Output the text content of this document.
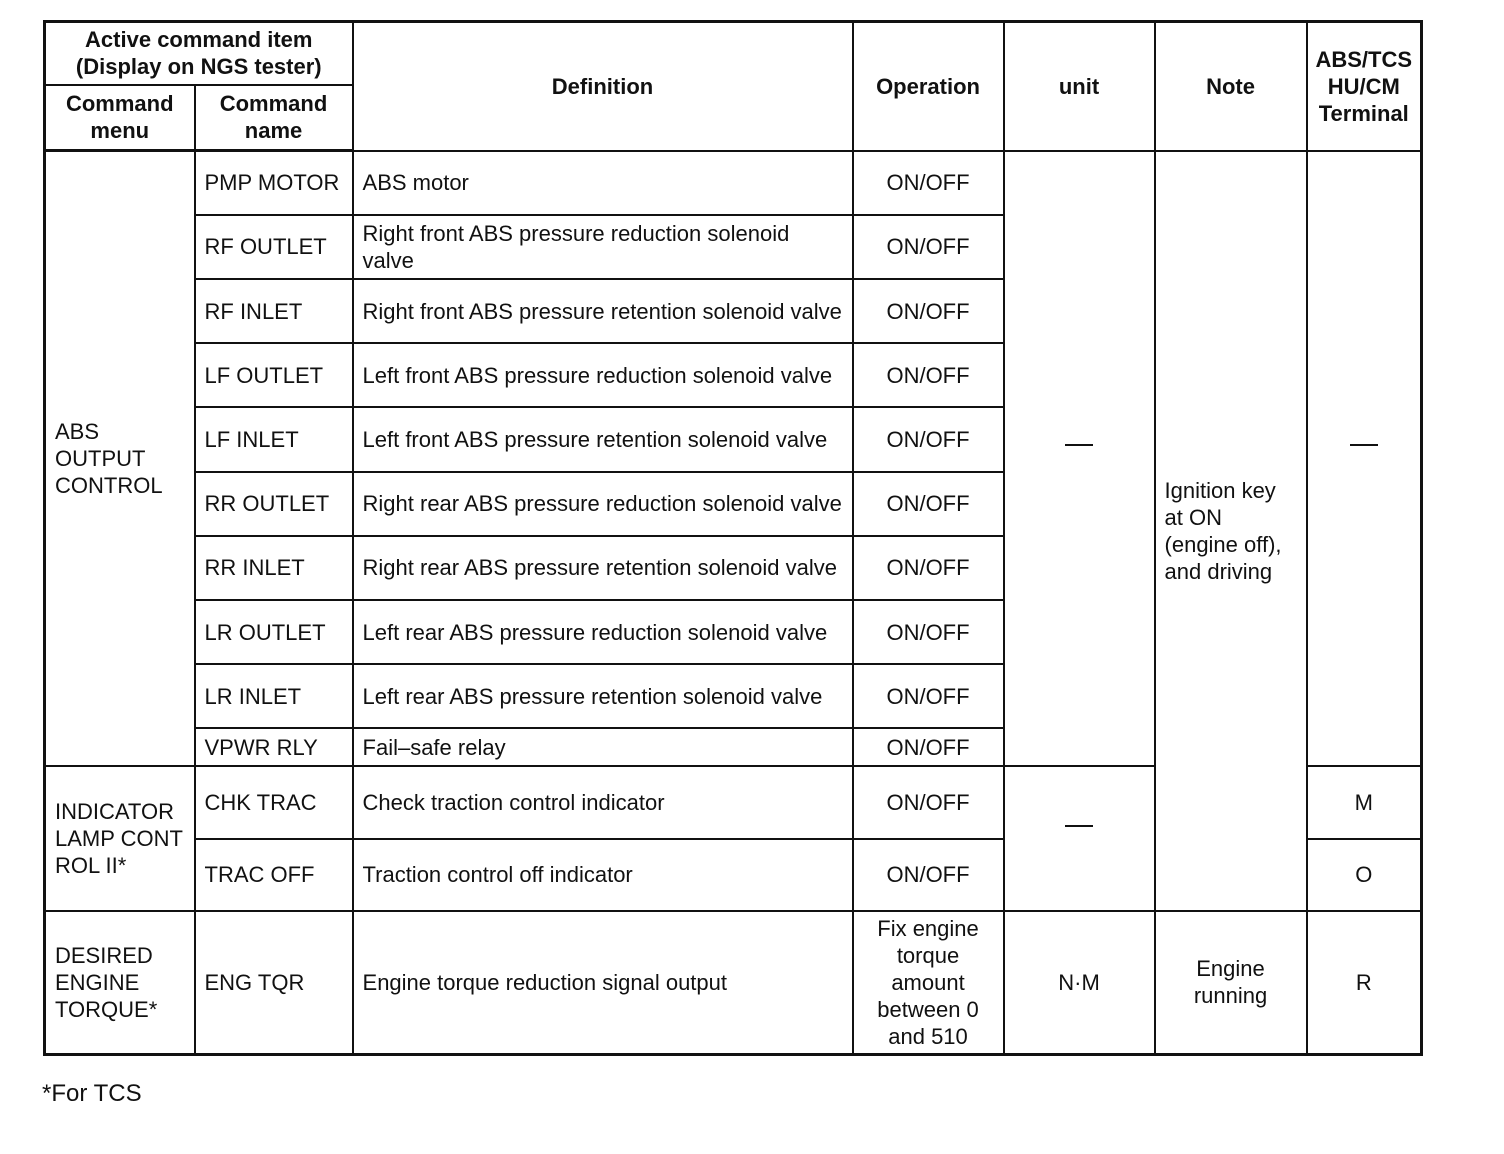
Active command item (Display on NGS tester)		Definition	Operation	unit	Note	ABS/TCS HU/CM Terminal
Command menu	Command name					
ABS OUTPUT CONTROL	PMP MOTOR	ABS motor	ON/OFF		Ignition key at ON (engine off), and driving	
	RF OUTLET	Right front ABS pressure reduction solenoid valve	ON/OFF			
	RF INLET	Right front ABS pressure retention solenoid valve	ON/OFF			
	LF OUTLET	Left front ABS pressure reduction solenoid valve	ON/OFF			
	LF INLET	Left front ABS pressure retention solenoid valve	ON/OFF			
	RR OUTLET	Right rear ABS pressure reduction solenoid valve	ON/OFF			
	RR INLET	Right rear ABS pressure retention solenoid valve	ON/OFF			
	LR OUTLET	Left rear ABS pressure reduction solenoid valve	ON/OFF			
	LR INLET	Left rear ABS pressure retention solenoid valve	ON/OFF			
	VPWR RLY	Fail–safe relay	ON/OFF			
INDICATOR LAMP CONTROL II*	CHK TRAC	Check traction control indicator	ON/OFF			M
	TRAC OFF	Traction control off indicator	ON/OFF			O
DESIRED ENGINE TORQUE*	ENG TQR	Engine torque reduction signal output	Fix engine torque amount between 0 and 510	N·M	Engine running	R
*For TCS
